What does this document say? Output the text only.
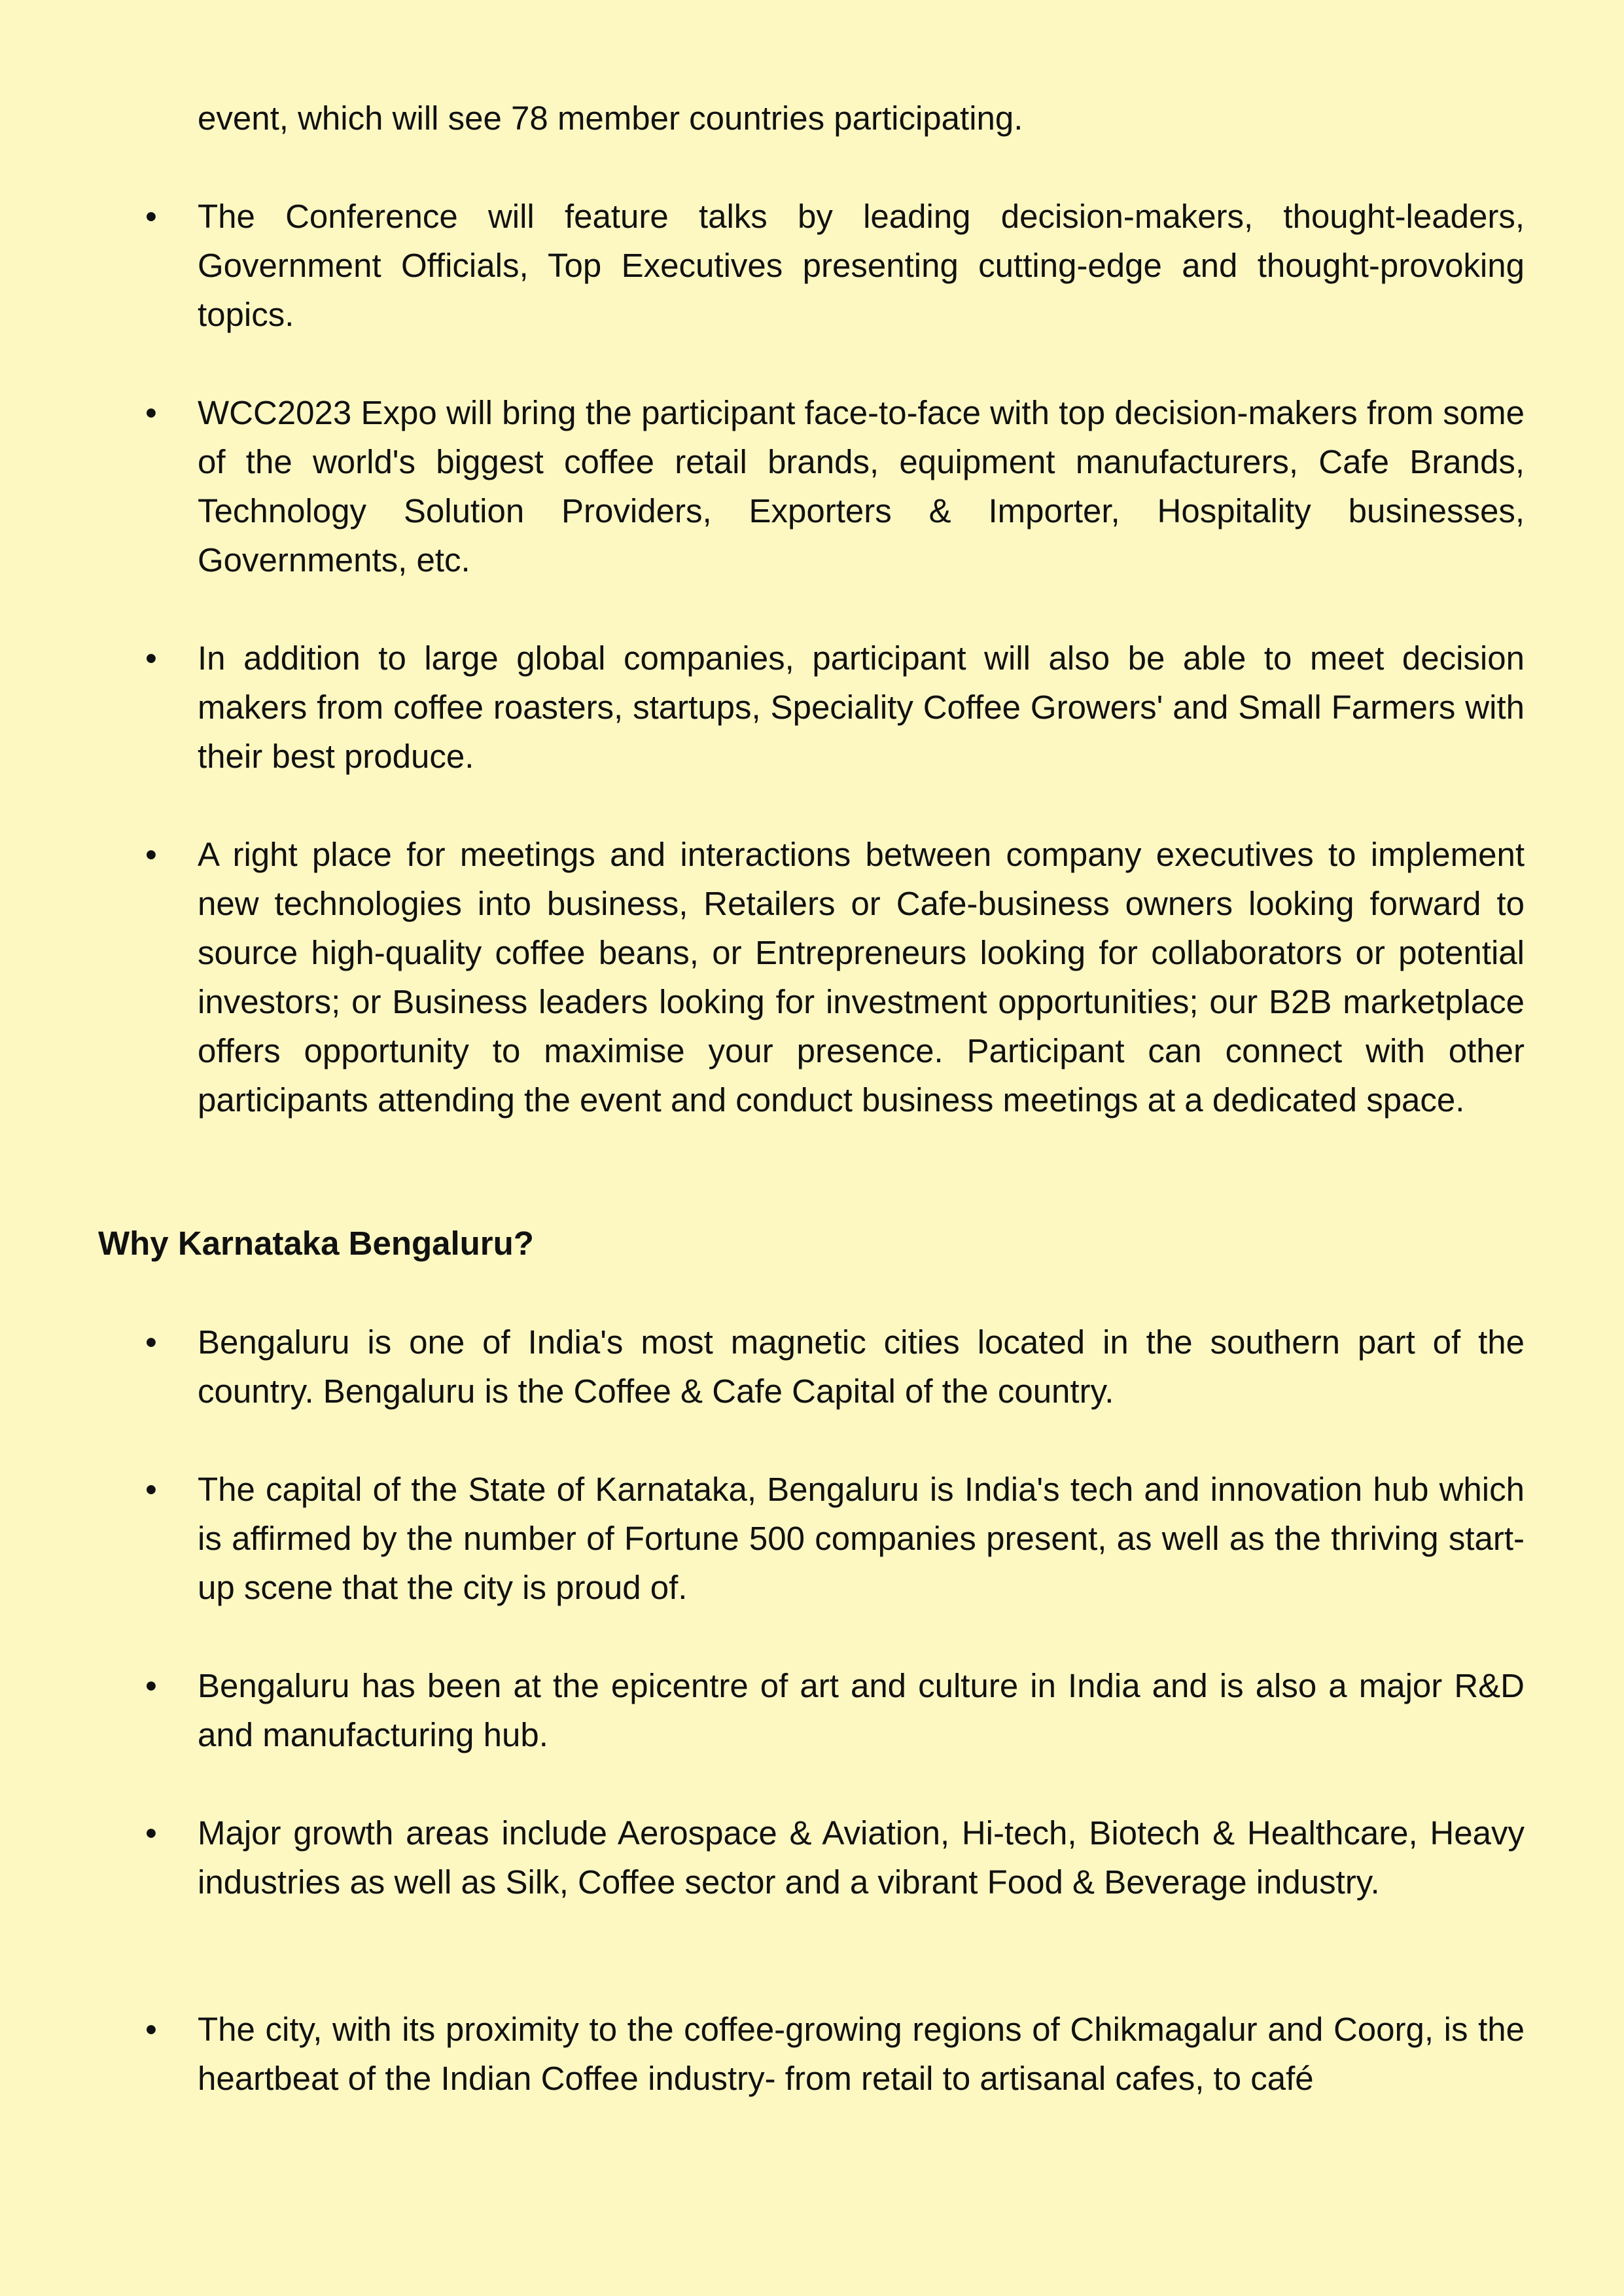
event, which will see 78 member countries participating.

• The Conference will feature talks by leading decision-makers, thought-leaders, Government Officials, Top Executives presenting cutting-edge and thought-provoking topics.

• WCC2023 Expo will bring the participant face-to-face with top decision-makers from some of the world's biggest coffee retail brands, equipment manufacturers, Cafe Brands, Technology Solution Providers, Exporters & Importer, Hospitality businesses, Governments, etc.

• In addition to large global companies, participant will also be able to meet decision makers from coffee roasters, startups, Speciality Coffee Growers' and Small Farmers with their best produce.

• A right place for meetings and interactions between company executives to implement new technologies into business, Retailers or Cafe-business owners looking forward to source high-quality coffee beans, or Entrepreneurs looking for collaborators or potential investors; or Business leaders looking for investment opportunities; our B2B marketplace offers opportunity to maximise your presence. Participant can connect with other participants attending the event and conduct business meetings at a dedicated space.

Why Karnataka Bengaluru?
• Bengaluru is one of India's most magnetic cities located in the southern part of the country. Bengaluru is the Coffee & Cafe Capital of the country.

• The capital of the State of Karnataka, Bengaluru is India's tech and innovation hub which is affirmed by the number of Fortune 500 companies present, as well as the thriving start-up scene that the city is proud of.

• Bengaluru has been at the epicentre of art and culture in India and is also a major R&D and manufacturing hub.

• Major growth areas include Aerospace & Aviation, Hi-tech, Biotech & Healthcare, Heavy industries as well as Silk, Coffee sector and a vibrant Food & Beverage industry.

• The city, with its proximity to the coffee-growing regions of Chikmagalur and Coorg, is the heartbeat of the Indian Coffee industry- from retail to artisanal cafes, to café
